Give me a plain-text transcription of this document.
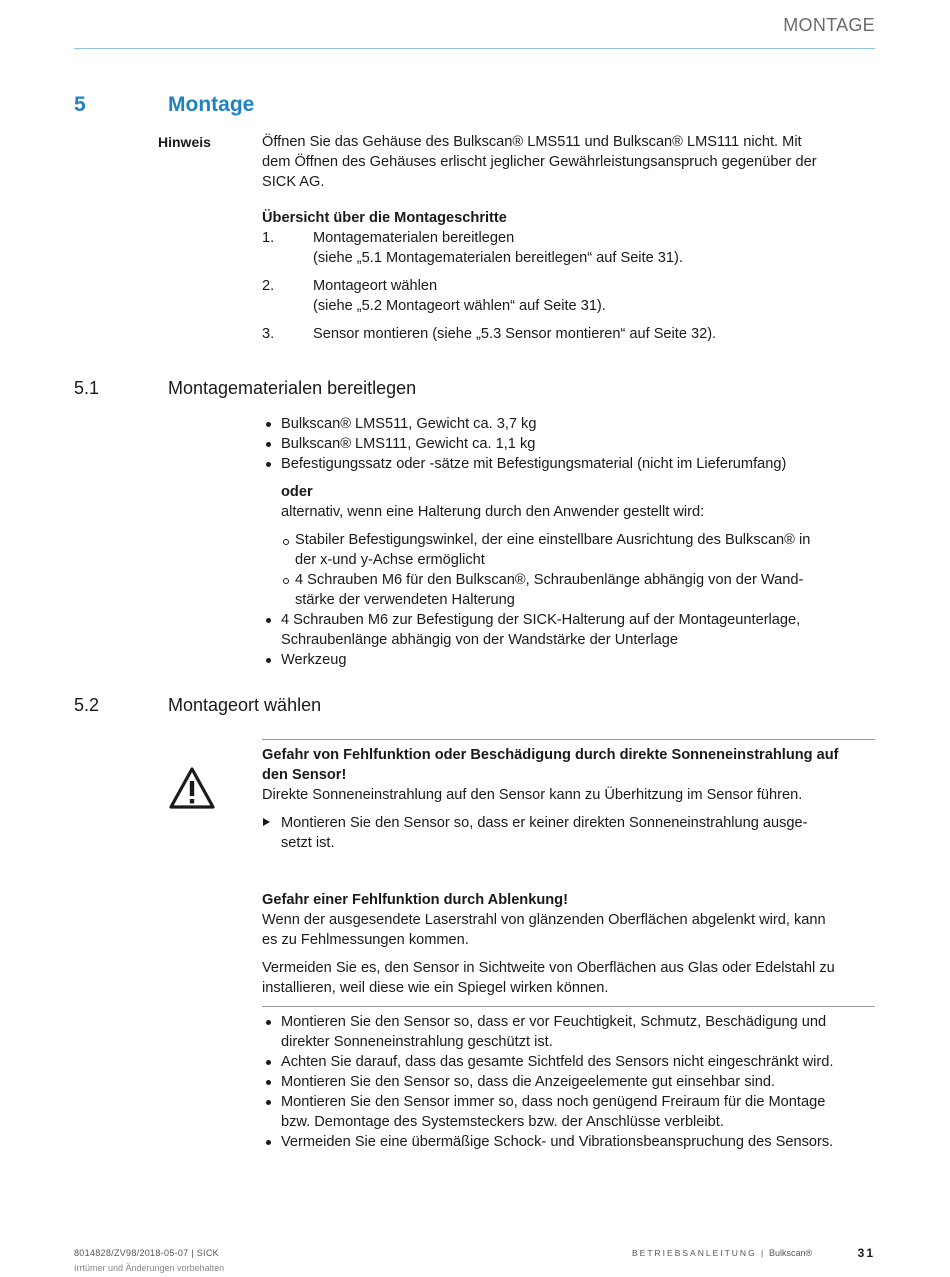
MONTAGE
5	Montage
Hinweis	Öffnen Sie das Gehäuse des Bulkscan® LMS511 und Bulkscan® LMS111 nicht. Mit
dem Öffnen des Gehäuses erlischt jeglicher Gewährleistungsanspruch gegenüber der
SICK AG.
Übersicht über die Montageschritte
1.	Montagematerialen bereitlegen
(siehe „5.1 Montagematerialen bereitlegen“ auf Seite 31).
2.	Montageort wählen
(siehe „5.2 Montageort wählen“ auf Seite 31).
3.	Sensor montieren (siehe „5.3 Sensor montieren“ auf Seite 32).
5.1	Montagematerialen bereitlegen
Bulkscan® LMS511, Gewicht ca. 3,7 kg
Bulkscan® LMS111, Gewicht ca. 1,1 kg
Befestigungssatz oder -sätze mit Befestigungsmaterial (nicht im Lieferumfang)
oder
alternativ, wenn eine Halterung durch den Anwender gestellt wird:
Stabiler Befestigungswinkel, der eine einstellbare Ausrichtung des Bulkscan® in
der x-und y-Achse ermöglicht
4 Schrauben M6 für den Bulkscan®, Schraubenlänge abhängig von der Wand-
stärke der verwendeten Halterung
4 Schrauben M6 zur Befestigung der SICK-Halterung auf der Montageunterlage,
Schraubenlänge abhängig von der Wandstärke der Unterlage
Werkzeug
5.2	Montageort wählen
Gefahr von Fehlfunktion oder Beschädigung durch direkte Sonneneinstrahlung auf
den Sensor!
Direkte Sonneneinstrahlung auf den Sensor kann zu Überhitzung im Sensor führen.
Montieren Sie den Sensor so, dass er keiner direkten Sonneneinstrahlung ausge-
setzt ist.
Gefahr einer Fehlfunktion durch Ablenkung!
Wenn der ausgesendete Laserstrahl von glänzenden Oberflächen abgelenkt wird, kann
es zu Fehlmessungen kommen.
Vermeiden Sie es, den Sensor in Sichtweite von Oberflächen aus Glas oder Edelstahl zu
installieren, weil diese wie ein Spiegel wirken können.
Montieren Sie den Sensor so, dass er vor Feuchtigkeit, Schmutz, Beschädigung und
direkter Sonneneinstrahlung geschützt ist.
Achten Sie darauf, dass das gesamte Sichtfeld des Sensors nicht eingeschränkt wird.
Montieren Sie den Sensor so, dass die Anzeigeelemente gut einsehbar sind.
Montieren Sie den Sensor immer so, dass noch genügend Freiraum für die Montage
bzw. Demontage des Systemsteckers bzw. der Anschlüsse verbleibt.
Vermeiden Sie eine übermäßige Schock- und Vibrationsbeanspruchung des Sensors.
8014828/ZV98/2018-05-07 | SICK
Irrtümer und Änderungen vorbehalten
BETRIEBSANLEITUNG | Bulkscan®	31
